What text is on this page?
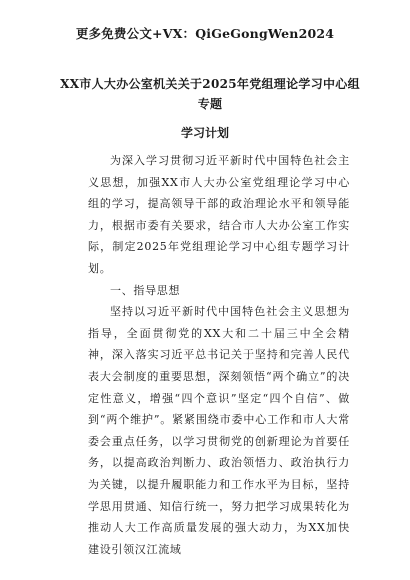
更多免费公文+VX：QiGeGongWen2024
XX市人大办公室机关关于2025年党组理论学习中心组专题
学习计划

为深入学习贯彻习近平新时代中国特色社会主义思想，加强XX市人大办公室党组理论学习中心组的学习，提高领导干部的政治理论水平和领导能力，根据市委有关要求，结合市人大办公室工作实际，制定2025年党组理论学习中心组专题学习计划。

一、指导思想

坚持以习近平新时代中国特色社会主义思想为指导，全面贯彻党的XX大和二十届三中全会精神，深入落实习近平总书记关于坚持和完善人民代表大会制度的重要思想，深刻领悟“两个确立”的决定性意义，增强“四个意识”坚定“四个自信”、做到“两个维护”。紧紧围绕市委中心工作和市人大常委会重点任务，以学习贯彻党的创新理论为首要任务，以提高政治判断力、政治领悟力、政治执行力为关键，以提升履职能力和工作水平为目标，坚持学思用贯通、知信行统一，努力把学习成果转化为推动人大工作高质量发展的强大动力，为XX加快建设引领汉江流域
